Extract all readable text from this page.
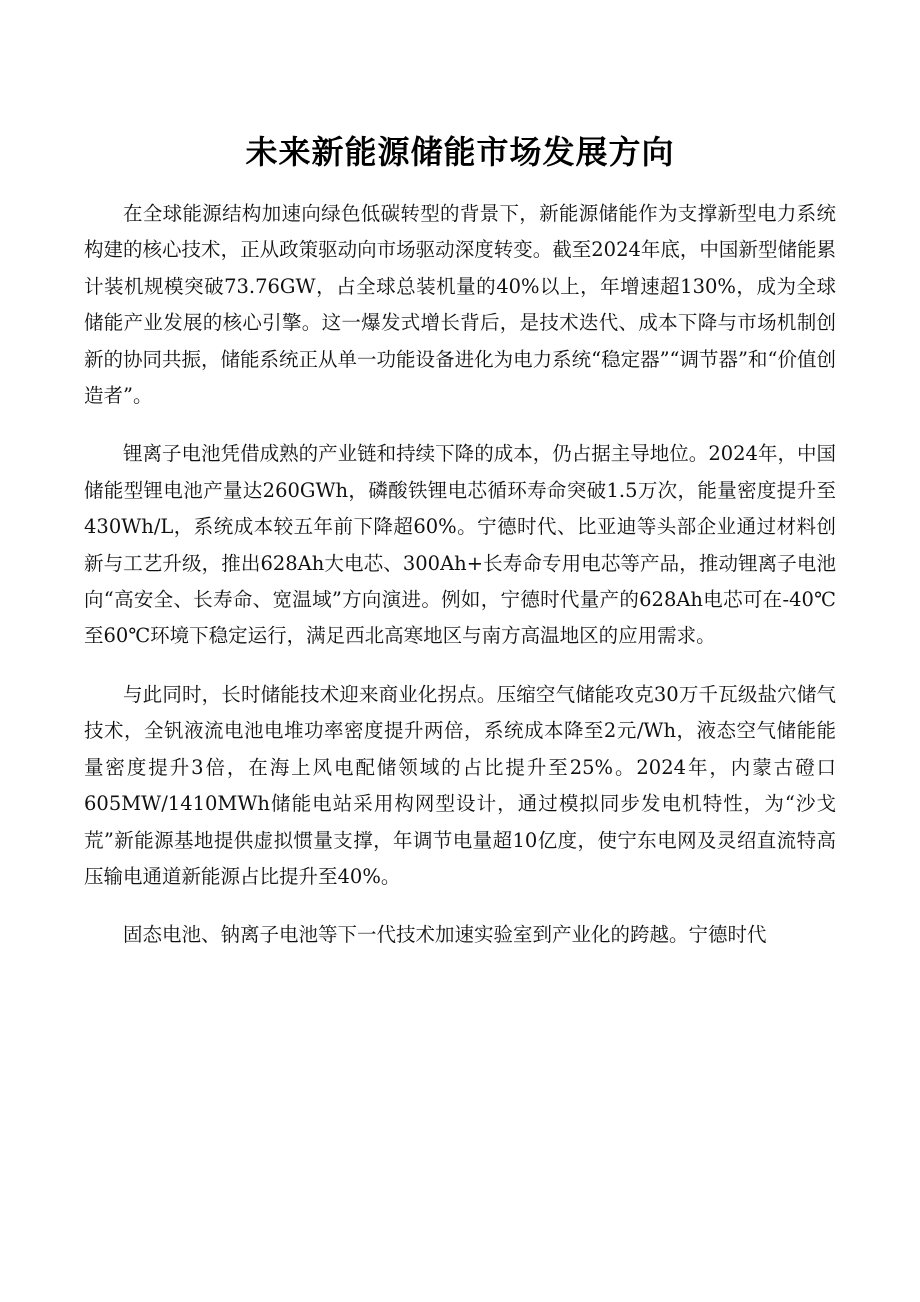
未来新能源储能市场发展方向

在全球能源结构加速向绿色低碳转型的背景下，新能源储能作为支撑新型电力系统构建的核心技术，正从政策驱动向市场驱动深度转变。截至2024年底，中国新型储能累计装机规模突破73.76GW，占全球总装机量的40%以上，年增速超130%，成为全球储能产业发展的核心引擎。这一爆发式增长背后，是技术迭代、成本下降与市场机制创新的协同共振，储能系统正从单一功能设备进化为电力系统“稳定器”“调节器”和“价值创造者”。

锂离子电池凭借成熟的产业链和持续下降的成本，仍占据主导地位。2024年，中国储能型锂电池产量达260GWh，磷酸铁锂电芯循环寿命突破1.5万次，能量密度提升至430Wh/L，系统成本较五年前下降超60%。宁德时代、比亚迪等头部企业通过材料创新与工艺升级，推出628Ah大电芯、300Ah+长寿命专用电芯等产品，推动锂离子电池向“高安全、长寿命、宽温域”方向演进。例如，宁德时代量产的628Ah电芯可在-40℃至60℃环境下稳定运行，满足西北高寒地区与南方高温地区的应用需求。

与此同时，长时储能技术迎来商业化拐点。压缩空气储能攻克30万千瓦级盐穴储气技术，全钒液流电池电堆功率密度提升两倍，系统成本降至2元/Wh，液态空气储能能量密度提升3倍，在海上风电配储领域的占比提升至25%。2024年，内蒙古磴口605MW/1410MWh储能电站采用构网型设计，通过模拟同步发电机特性，为“沙戈荒”新能源基地提供虚拟惯量支撑，年调节电量超10亿度，使宁东电网及灵绍直流特高压输电通道新能源占比提升至40%。

固态电池、钠离子电池等下一代技术加速实验室到产业化的跨越。宁德时代
